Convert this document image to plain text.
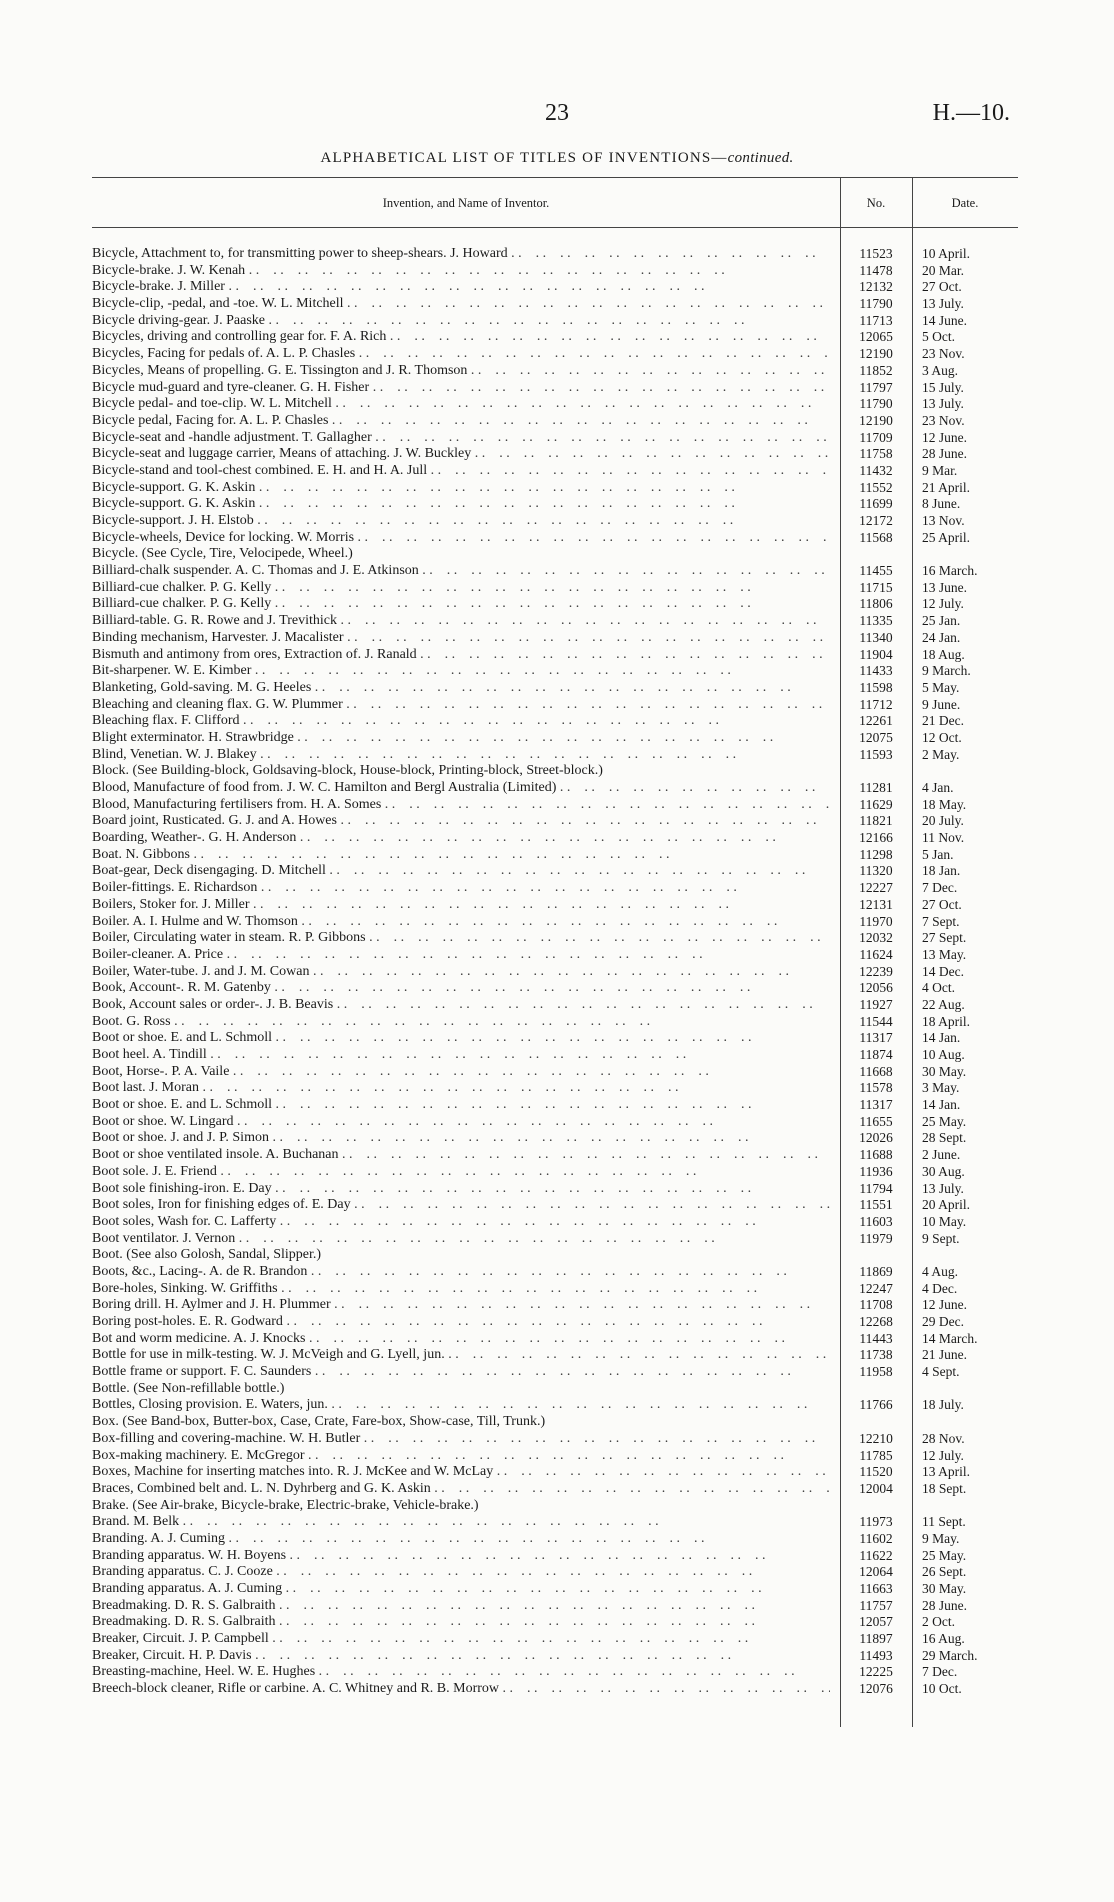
23	H.—10.
ALPHABETICAL LIST OF TITLES OF INVENTIONS—continued.
Invention, and Name of Inventor.	No.	Date.
Bicycle, Attachment to, for transmitting power to sheep-shears. J. Howard . .	11523	10 April.
Bicycle-brake. J. W. Kenah . .	11478	20 Mar.
Bicycle-brake. J. Miller . .	12132	27 Oct.
Bicycle-clip, -pedal, and -toe. W. L. Mitchell . .	11790	13 July.
Bicycle driving-gear. J. Paaske . .	11713	14 June.
Bicycles, driving and controlling gear for. F. A. Rich . .	12065	5 Oct.
Bicycles, Facing for pedals of. A. L. P. Chasles . .	12190	23 Nov.
Bicycles, Means of propelling. G. E. Tissington and J. R. Thomson . .	11852	3 Aug.
Bicycle mud-guard and tyre-cleaner. G. H. Fisher . .	11797	15 July.
Bicycle pedal- and toe-clip. W. L. Mitchell . .	11790	13 July.
Bicycle pedal, Facing for. A. L. P. Chasles . .	12190	23 Nov.
Bicycle-seat and -handle adjustment. T. Gallagher . .	11709	12 June.
Bicycle-seat and luggage carrier, Means of attaching. J. W. Buckley . .	11758	28 June.
Bicycle-stand and tool-chest combined. E. H. and H. A. Jull . .	11432	9 Mar.
Bicycle-support. G. K. Askin . .	11552	21 April.
Bicycle-support. G. K. Askin . .	11699	8 June.
Bicycle-support. J. H. Elstob . .	12172	13 Nov.
Bicycle-wheels, Device for locking. W. Morris . .	11568	25 April.
Bicycle. (See Cycle, Tire, Velocipede, Wheel.)
Billiard-chalk suspender. A. C. Thomas and J. E. Atkinson . .	11455	16 March.
Billiard-cue chalker. P. G. Kelly . .	11715	13 June.
Billiard-cue chalker. P. G. Kelly . .	11806	12 July.
Billiard-table. G. R. Rowe and J. Trevithick . .	11335	25 Jan.
Binding mechanism, Harvester. J. Macalister . .	11340	24 Jan.
Bismuth and antimony from ores, Extraction of. J. Ranald . .	11904	18 Aug.
Bit-sharpener. W. E. Kimber . .	11433	9 March.
Blanketing, Gold-saving. M. G. Heeles . .	11598	5 May.
Bleaching and cleaning flax. G. W. Plummer . .	11712	9 June.
Bleaching flax. F. Clifford . .	12261	21 Dec.
Blight exterminator. H. Strawbridge . .	12075	12 Oct.
Blind, Venetian. W. J. Blakey . .	11593	2 May.
Block. (See Building-block, Goldsaving-block, House-block, Printing-block, Street-block.)
Blood, Manufacture of food from. J. W. C. Hamilton and Bergl Australia (Limited) . .	11281	4 Jan.
Blood, Manufacturing fertilisers from. H. A. Somes . .	11629	18 May.
Board joint, Rusticated. G. J. and A. Howes . .	11821	20 July.
Boarding, Weather-. G. H. Anderson . .	12166	11 Nov.
Boat. N. Gibbons . .	11298	5 Jan.
Boat-gear, Deck disengaging. D. Mitchell . .	11320	18 Jan.
Boiler-fittings. E. Richardson . .	12227	7 Dec.
Boilers, Stoker for. J. Miller . .	12131	27 Oct.
Boiler. A. I. Hulme and W. Thomson . .	11970	7 Sept.
Boiler, Circulating water in steam. R. P. Gibbons . .	12032	27 Sept.
Boiler-cleaner. A. Price . .	11624	13 May.
Boiler, Water-tube. J. and J. M. Cowan . .	12239	14 Dec.
Book, Account-. R. M. Gatenby . .	12056	4 Oct.
Book, Account sales or order-. J. B. Beavis . .	11927	22 Aug.
Boot. G. Ross . .	11544	18 April.
Boot or shoe. E. and L. Schmoll . .	11317	14 Jan.
Boot heel. A. Tindill . .	11874	10 Aug.
Boot, Horse-. P. A. Vaile . .	11668	30 May.
Boot last. J. Moran . .	11578	3 May.
Boot or shoe. E. and L. Schmoll . .	11317	14 Jan.
Boot or shoe. W. Lingard . .	11655	25 May.
Boot or shoe. J. and J. P. Simon . .	12026	28 Sept.
Boot or shoe ventilated insole. A. Buchanan . .	11688	2 June.
Boot sole. J. E. Friend . .	11936	30 Aug.
Boot sole finishing-iron. E. Day . .	11794	13 July.
Boot soles, Iron for finishing edges of. E. Day . .	11551	20 April.
Boot soles, Wash for. C. Lafferty . .	11603	10 May.
Boot ventilator. J. Vernon . .	11979	9 Sept.
Boot. (See also Golosh, Sandal, Slipper.)
Boots, &c., Lacing-. A. de R. Brandon . .	11869	4 Aug.
Bore-holes, Sinking. W. Griffiths . .	12247	4 Dec.
Boring drill. H. Aylmer and J. H. Plummer . .	11708	12 June.
Boring post-holes. E. R. Godward . .	12268	29 Dec.
Bot and worm medicine. A. J. Knocks . .	11443	14 March.
Bottle for use in milk-testing. W. J. McVeigh and G. Lyell, jun. . .	11738	21 June.
Bottle frame or support. F. C. Saunders . .	11958	4 Sept.
Bottle. (See Non-refillable bottle.)
Bottles, Closing provision. E. Waters, jun. . .	11766	18 July.
Box. (See Band-box, Butter-box, Case, Crate, Fare-box, Show-case, Till, Trunk.)
Box-filling and covering-machine. W. H. Butler . .	12210	28 Nov.
Box-making machinery. E. McGregor . .	11785	12 July.
Boxes, Machine for inserting matches into. R. J. McKee and W. McLay . .	11520	13 April.
Braces, Combined belt and. L. N. Dyhrberg and G. K. Askin . .	12004	18 Sept.
Brake. (See Air-brake, Bicycle-brake, Electric-brake, Vehicle-brake.)
Brand. M. Belk . .	11973	11 Sept.
Branding. A. J. Cuming . .	11602	9 May.
Branding apparatus. W. H. Boyens . .	11622	25 May.
Branding apparatus. C. J. Cooze . .	12064	26 Sept.
Branding apparatus. A. J. Cuming . .	11663	30 May.
Breadmaking. D. R. S. Galbraith . .	11757	28 June.
Breadmaking. D. R. S. Galbraith . .	12057	2 Oct.
Breaker, Circuit. J. P. Campbell . .	11897	16 Aug.
Breaker, Circuit. H. P. Davis . .	11493	29 March.
Breasting-machine, Heel. W. E. Hughes . .	12225	7 Dec.
Breech-block cleaner, Rifle or carbine. A. C. Whitney and R. B. Morrow . .	12076	10 Oct.
